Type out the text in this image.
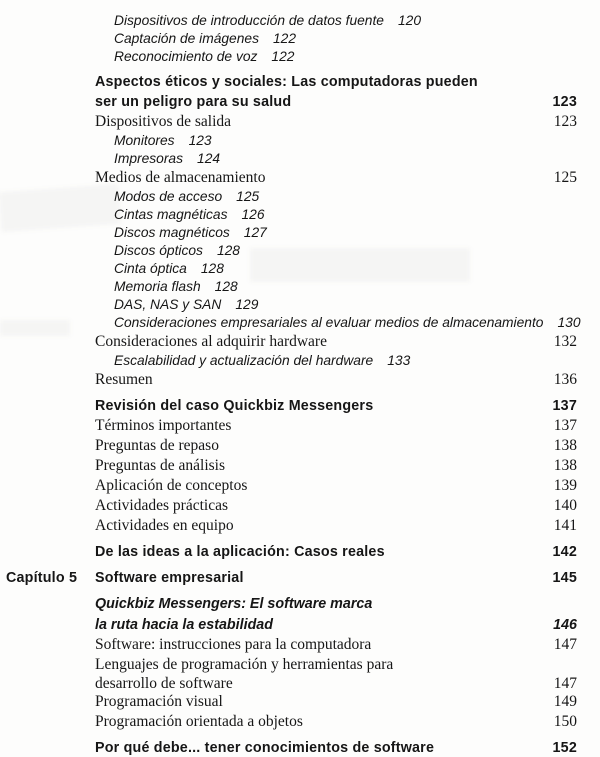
Dispositivos de introducción de datos fuente 120
Captación de imágenes 122
Reconocimiento de voz 122
Aspectos éticos y sociales: Las computadoras pueden
ser un peligro para su salud	123
Dispositivos de salida	123
Monitores 123
Impresoras 124
Medios de almacenamiento	125
Modos de acceso 125
Cintas magnéticas 126
Discos magnéticos 127
Discos ópticos 128
Cinta óptica 128
Memoria flash 128
DAS, NAS y SAN 129
Consideraciones empresariales al evaluar medios de almacenamiento 130
Consideraciones al adquirir hardware	132
Escalabilidad y actualización del hardware 133
Resumen	136
Revisión del caso Quickbiz Messengers	137
Términos importantes	137
Preguntas de repaso	138
Preguntas de análisis	138
Aplicación de conceptos	139
Actividades prácticas	140
Actividades en equipo	141
De las ideas a la aplicación: Casos reales	142
Capítulo 5 Software empresarial	145
Quickbiz Messengers: El software marca
la ruta hacia la estabilidad	146
Software: instrucciones para la computadora	147
Lenguajes de programación y herramientas para
desarrollo de software	147
Programación visual	149
Programación orientada a objetos	150
Por qué debe... tener conocimientos de software	152
